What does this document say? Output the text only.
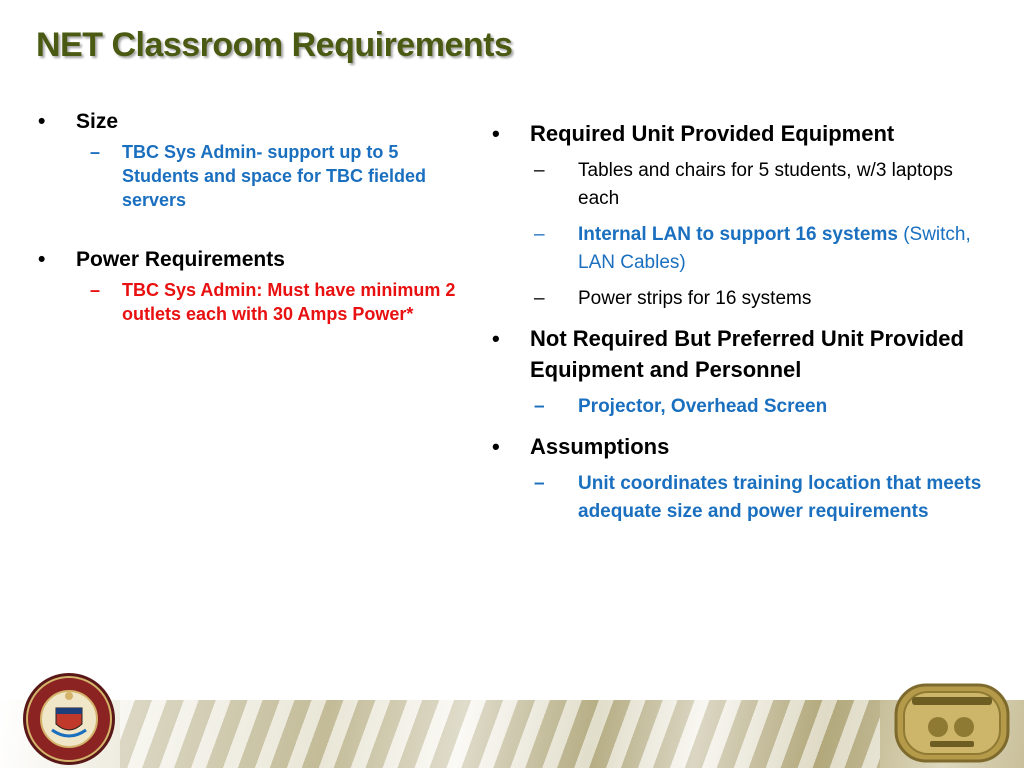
NET Classroom Requirements
• Size
– TBC Sys Admin- support up to 5 Students and space for TBC fielded servers
• Power Requirements
– TBC Sys Admin: Must have minimum 2 outlets each with 30 Amps Power*
• Required Unit Provided Equipment
– Tables and chairs for 5 students, w/3 laptops each
– Internal LAN to support 16 systems (Switch, LAN Cables)
– Power strips for 16 systems
• Not Required But Preferred Unit Provided Equipment and Personnel
– Projector, Overhead Screen
• Assumptions
– Unit coordinates training location that meets adequate size and power requirements
